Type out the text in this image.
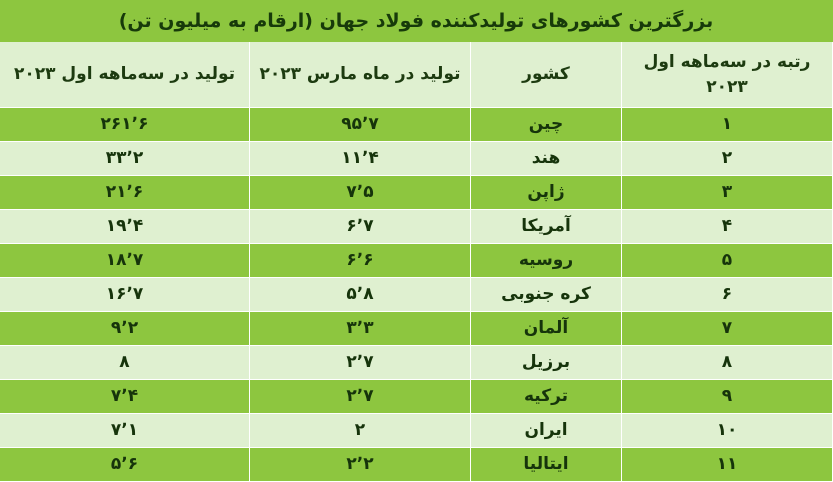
بزرگترین کشورهای تولیدکننده فولاد جهان (ارقام به میلیون تن)			
رتبه در سه‌ماهه اول ۲۰۲۳	کشور	تولید در ماه مارس ۲۰۲۳	تولید در سه‌ماهه اول ۲۰۲۳
۱	چین	۹۵٬۷	۲۶۱٬۶
۲	هند	۱۱٬۴	۳۳٬۲
۳	ژاپن	۷٬۵	۲۱٬۶
۴	آمریکا	۶٬۷	۱۹٬۴
۵	روسیه	۶٬۶	۱۸٬۷
۶	کره جنوبی	۵٬۸	۱۶٬۷
۷	آلمان	۳٬۳	۹٬۲
۸	برزیل	۲٬۷	۸
۹	ترکیه	۲٬۷	۷٬۴
۱۰	ایران	۲	۷٬۱
۱۱	ایتالیا	۲٬۲	۵٬۶
